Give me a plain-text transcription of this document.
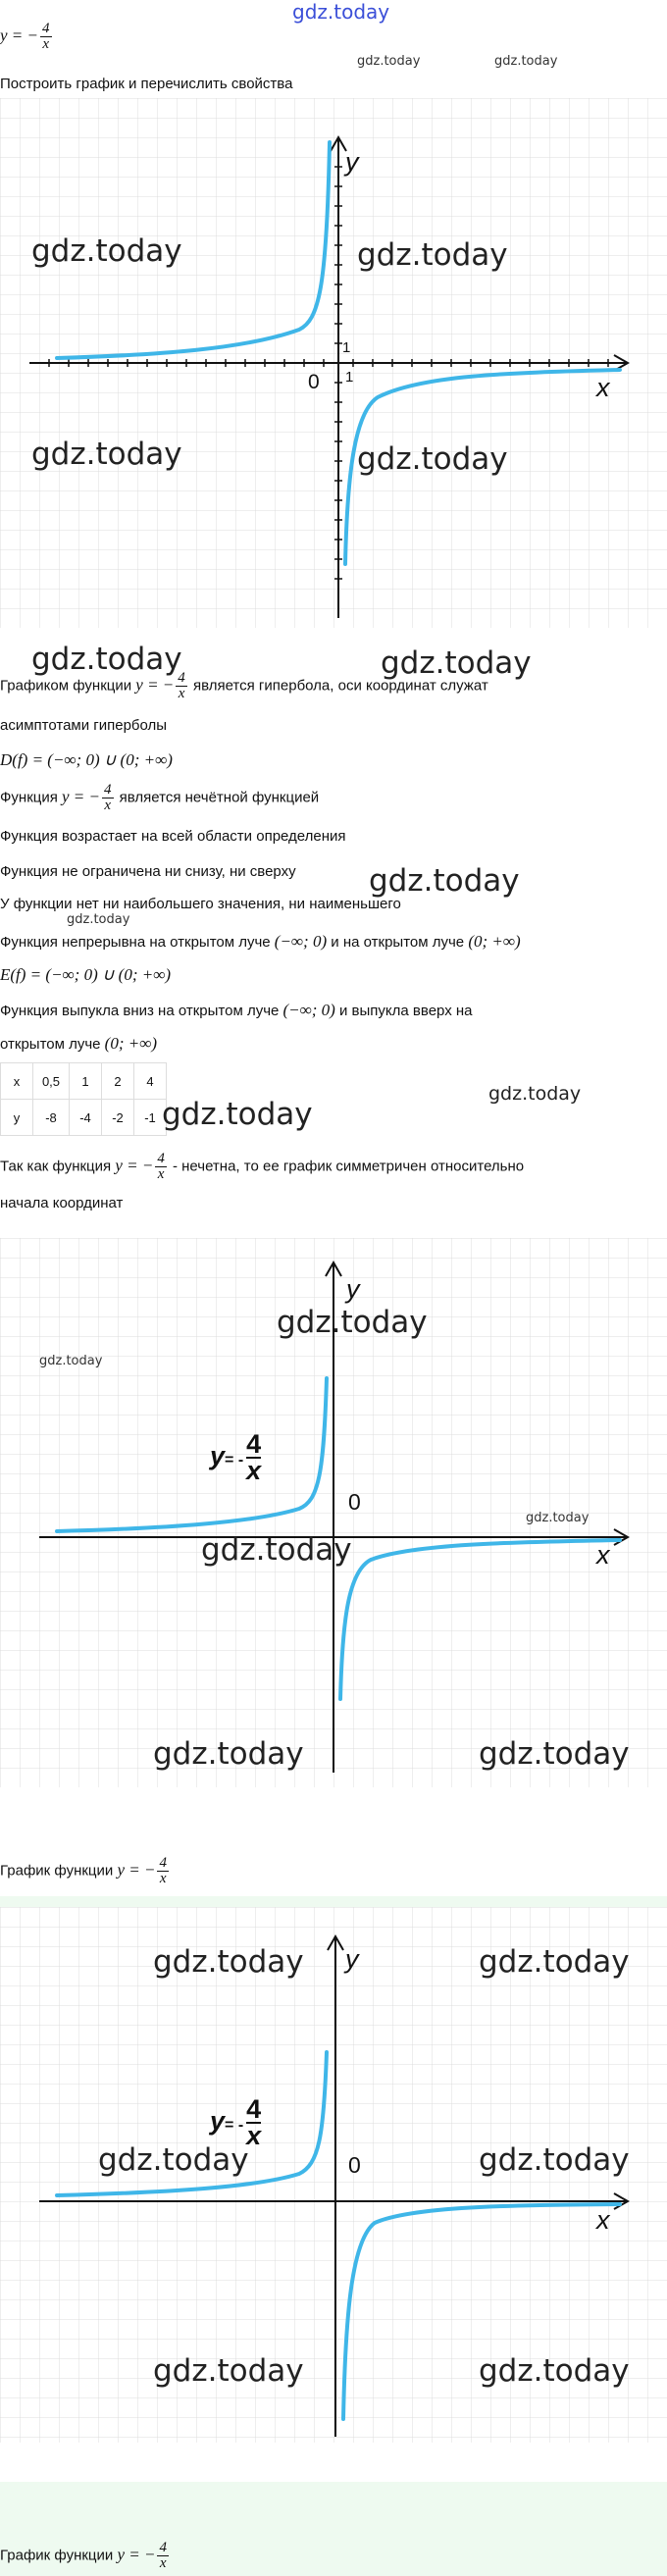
gdz.today
y = − $\frac{4}{x}$
gdz.today	gdz.today
Построить график и перечислить свойства
y
x
0 1
1
gdz.today	gdz.today
gdz.today	gdz.today
gdz.today	gdz.today
Графиком функции y = − $\frac{4}{x}$ является гипербола, оси координат служат
асимптотами гиперболы
D(f) = (−∞; 0) ∪ (0; +∞)
Функция y = − $\frac{4}{x}$ является нечётной функцией
Функция возрастает на всей области определения
Функция не ограничена ни снизу, ни сверху gdz.today
У функции нет ни наибольшего значения, ни наименьшего
gdz.today
Функция непрерывна на открытом луче (−∞; 0) и на открытом луче (0; +∞)
E(f) = (−∞; 0) ∪ (0; +∞)
Функция выпукла вниз на открытом луче (−∞; 0) и выпукла вверх на
открытом луче (0; +∞)
x	0,5	1	2	4
y	-8	-4	-2	-1 gdz.today
gdz.today
Так как функция y = − $\frac{4}{x}$ - нечетна, то ее график симметричен относительно
начала координат
y
x
0
$y= - \frac{4}{x}$
gdz.today
gdz.today
gdz.today
gdz.today
gdz.today	gdz.today
График функции y = − $\frac{4}{x}$
y
x
0
$y= - \frac{4}{x}$
gdz.today	gdz.today
gdz.today	gdz.today
gdz.today	gdz.today
График функции y = − $\frac{4}{x}$
